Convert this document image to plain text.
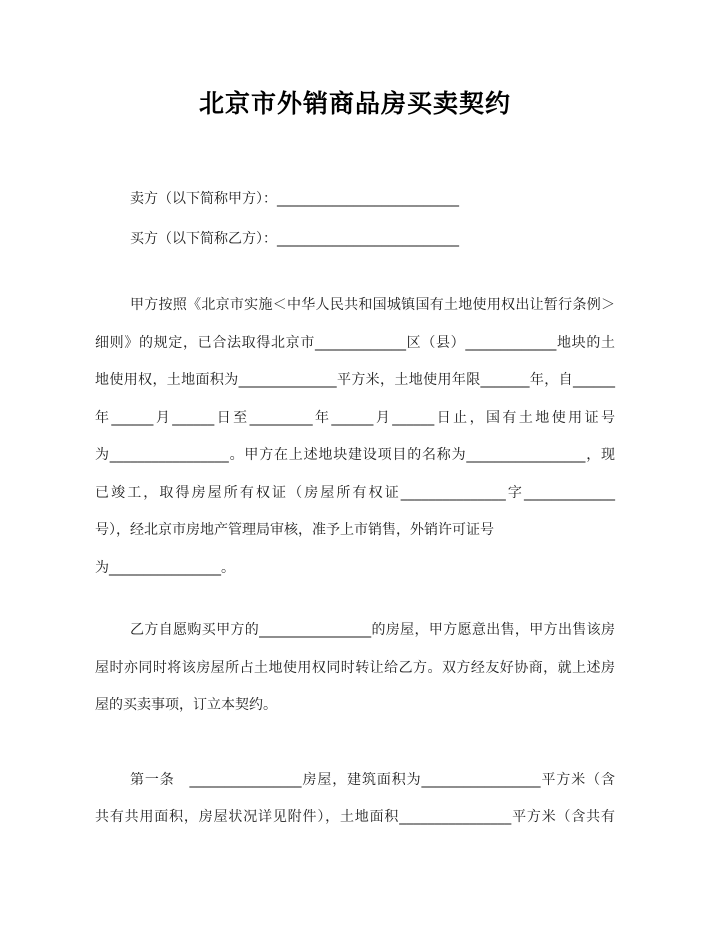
北京市外销商品房买卖契约
卖方（以下简称甲方）：__________________________
买方（以下简称乙方）：__________________________
甲方按照《北京市实施＜中华人民共和国城镇国有土地使用权出让暂行条例＞
细则》的规定，已合法取得北京市_____________区（县）_____________地块的土
地使用权，土地面积为______________平方米，土地使用年限_______年，自______
年______月______日至_________年______月______日止，国有土地使用证号
为_________________。甲方在上述地块建设项目的名称为_________________，现
已竣工，取得房屋所有权证（房屋所有权证_______________字_____________
号），经北京市房地产管理局审核，准予上市销售，外销许可证号
为________________。
乙方自愿购买甲方的________________的房屋，甲方愿意出售，甲方出售该房
屋时亦同时将该房屋所占土地使用权同时转让给乙方。双方经友好协商，就上述房
屋的买卖事项，订立本契约。
第一条　________________房屋，建筑面积为_________________平方米（含
共有共用面积，房屋状况详见附件），土地面积________________平方米（含共有
